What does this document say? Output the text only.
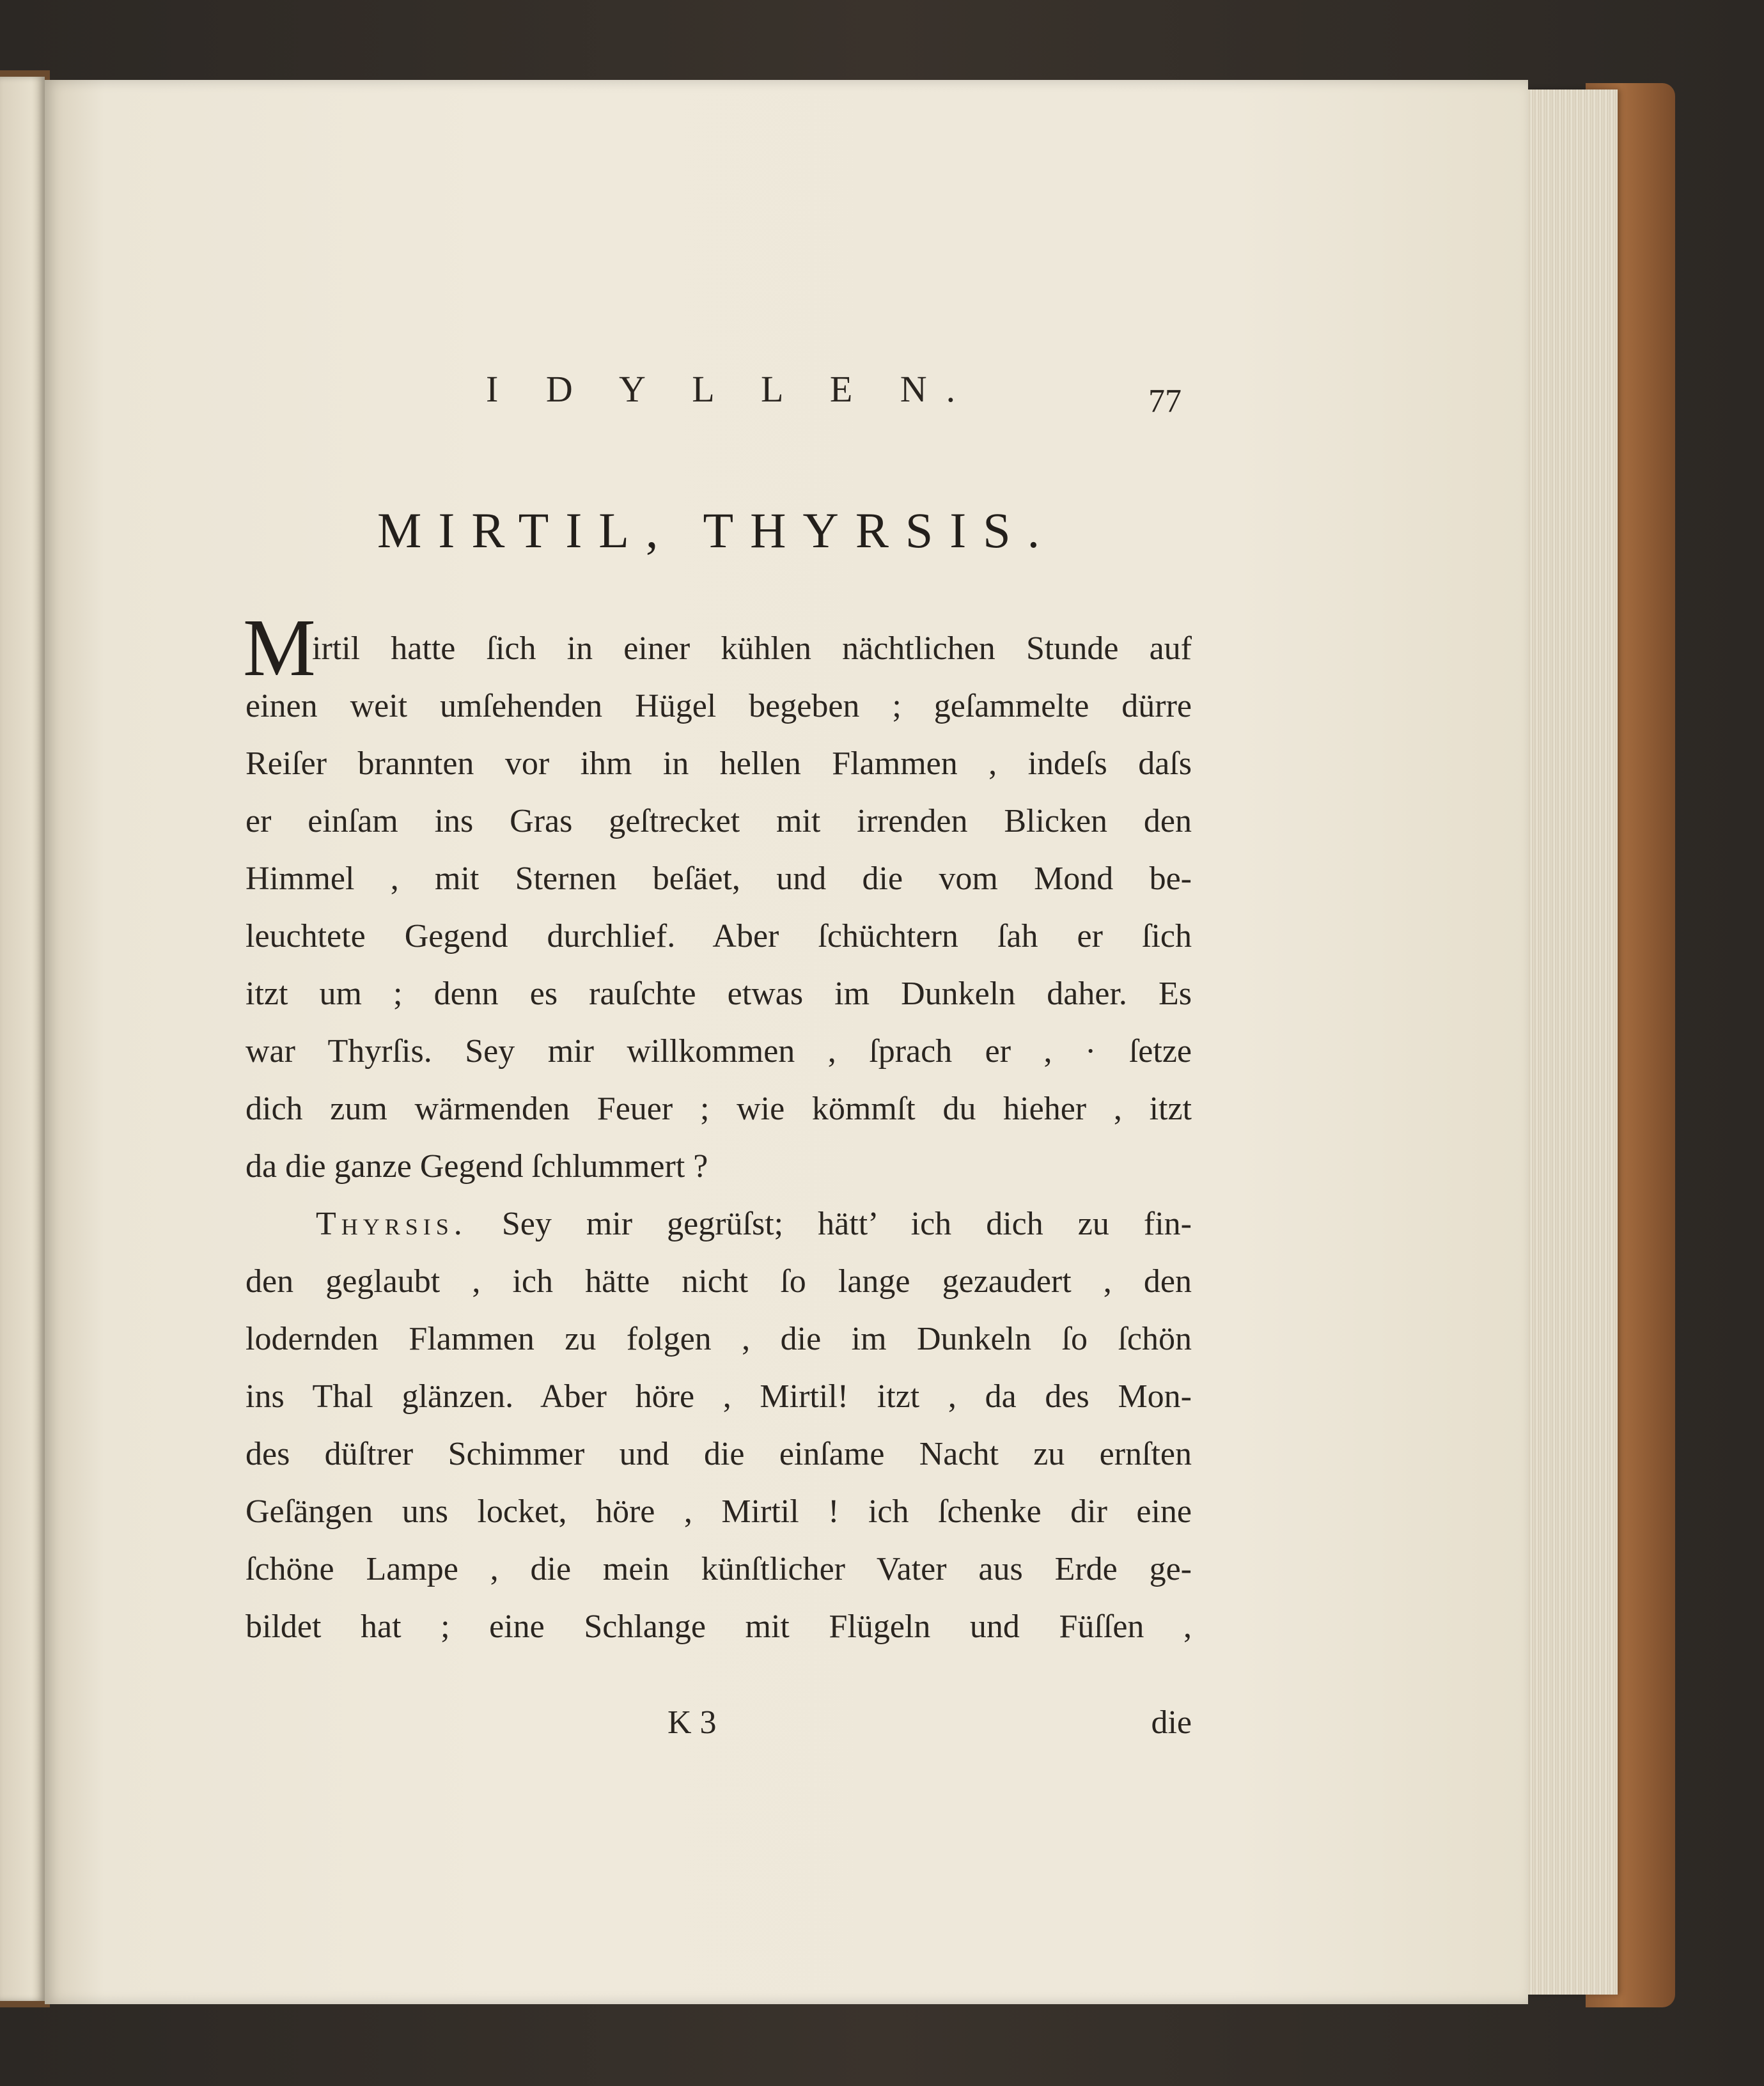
I D Y L L E N.	77
MIRTIL, THYRSIS.
M
irtil hatte ſich in einer kühlen nächtlichen Stunde auf
einen weit umſehenden Hügel begeben ; geſammelte dürre
Reiſer brannten vor ihm in hellen Flammen , indeſs daſs
er einſam ins Gras geſtrecket mit irrenden Blicken den
Himmel , mit Sternen beſäet, und die vom Mond be-
leuchtete Gegend durchlief. Aber ſchüchtern ſah er ſich
itzt um ; denn es rauſchte etwas im Dunkeln daher. Es
war Thyrſis. Sey mir willkommen , ſprach er , · ſetze
dich zum wärmenden Feuer ; wie kömmſt du hieher , itzt
da die ganze Gegend ſchlummert ?
Thyrsis. Sey mir gegrüſst; hätt’ ich dich zu fin-
den geglaubt , ich hätte nicht ſo lange gezaudert , den
lodernden Flammen zu folgen , die im Dunkeln ſo ſchön
ins Thal glänzen. Aber höre , Mirtil! itzt , da des Mon-
des düſtrer Schimmer und die einſame Nacht zu ernſten
Geſängen uns locket, höre , Mirtil ! ich ſchenke dir eine
ſchöne Lampe , die mein künſtlicher Vater aus Erde ge-
bildet hat ; eine Schlange mit Flügeln und Füſſen ,
K 3	die
